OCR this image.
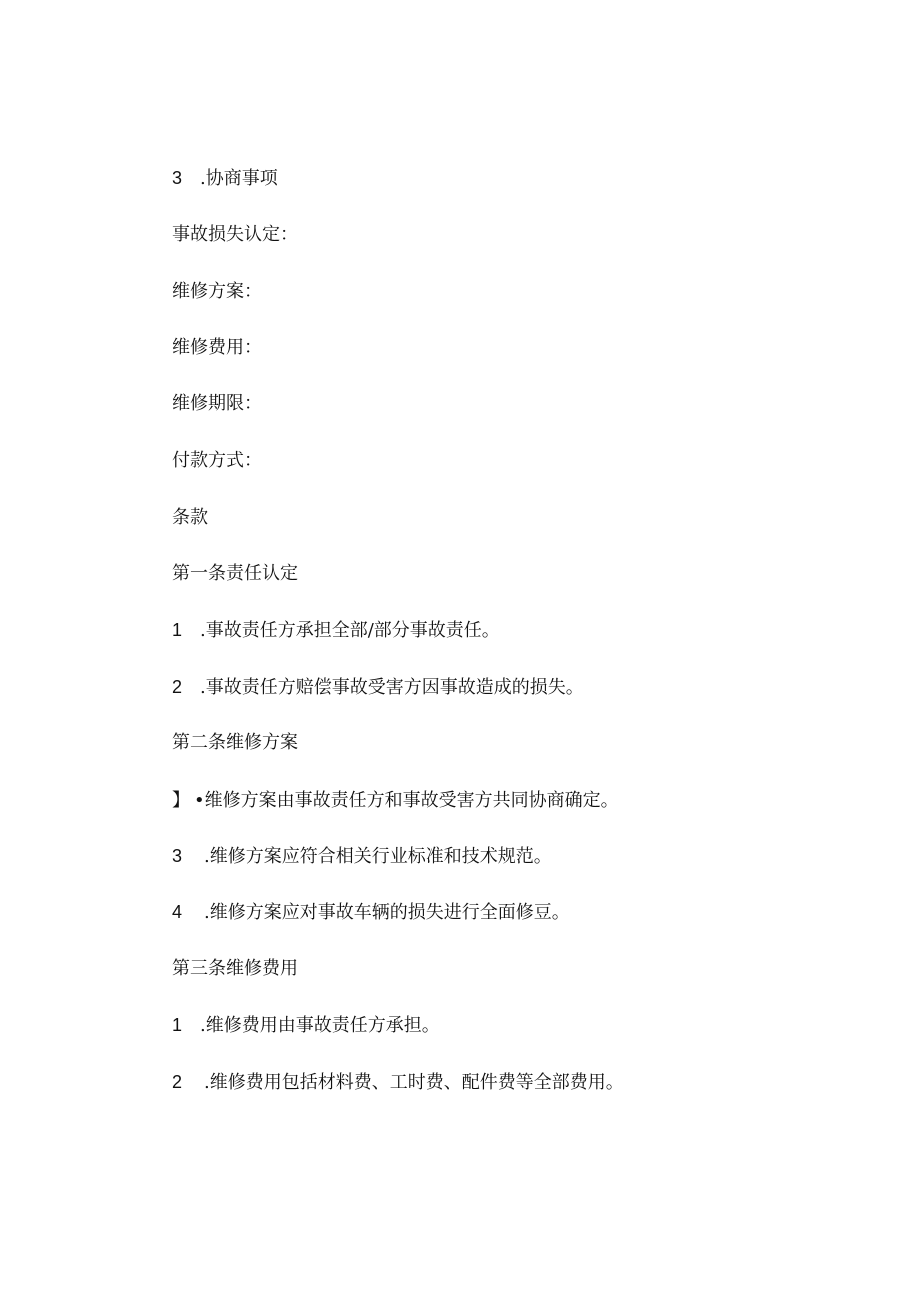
3 .协商事项
事故损失认定：
维修方案：
维修费用：
维修期限：
付款方式：
条款
第一条责任认定
1 .事故责任方承担全部/部分事故责任。
2 .事故责任方赔偿事故受害方因事故造成的损失。
第二条维修方案
】 •维修方案由事故责任方和事故受害方共同协商确定。
3 .维修方案应符合相关行业标准和技术规范。
4 .维修方案应对事故车辆的损失进行全面修豆。
第三条维修费用
1 .维修费用由事故责任方承担。
2 .维修费用包括材料费、工时费、配件费等全部费用。
